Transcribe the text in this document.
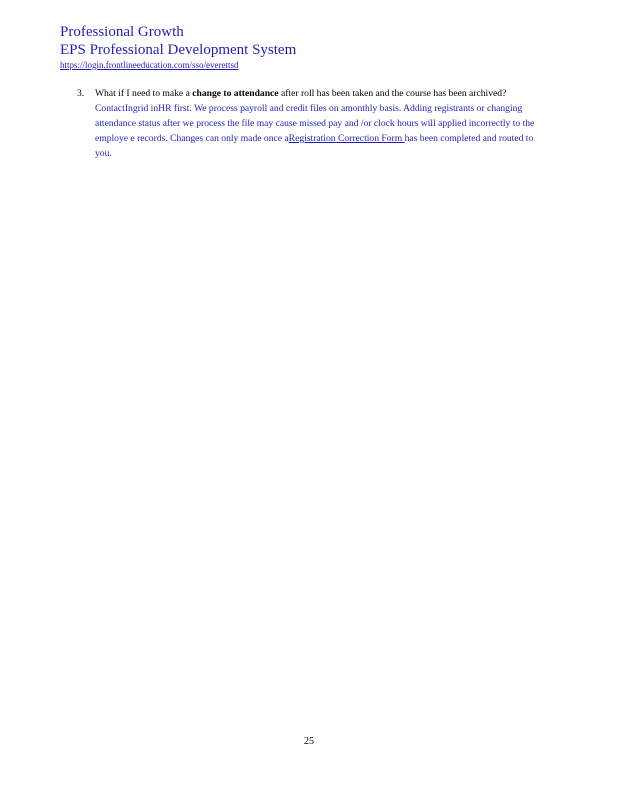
Professional Growth
EPS Professional Development System
https://login.frontlineeducation.com/sso/everettsd
3. What if I need to make a change to attendance after roll has been taken and the course has been archived? ContactIngrid inHR first. We process payroll and credit files on amonthly basis. Adding registrants or changing attendance status after we process the file may cause missed pay and /or clock hours will applied incorrectly to the employe e records. Changes can only made once aRegistration Correction Form has been completed and routed to you.
25
